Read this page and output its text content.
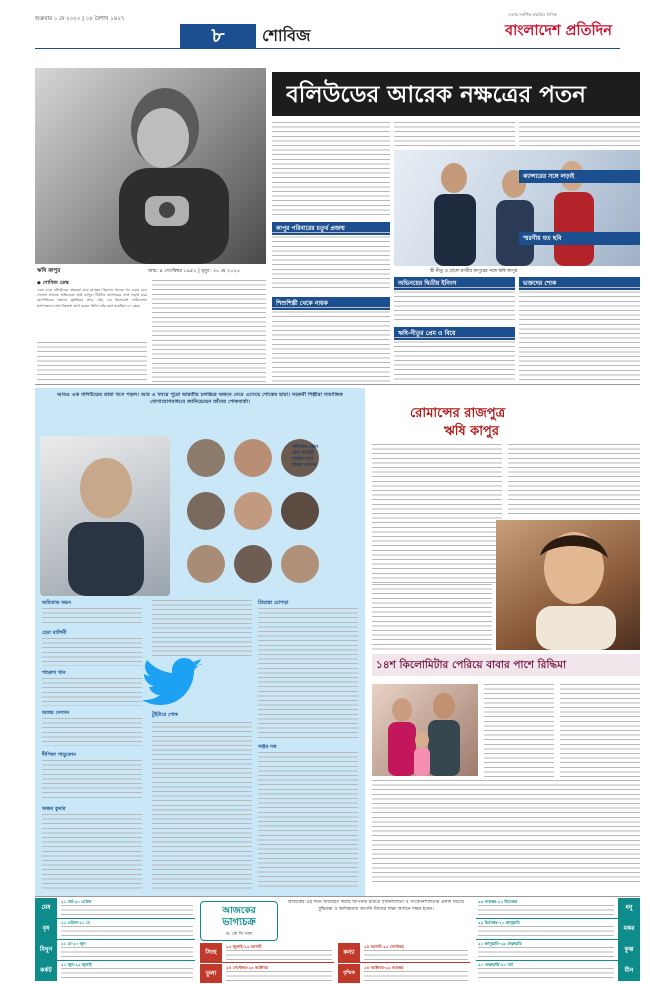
শুক্রবার ১ মে ২০২০ | ১৮ বৈশাখ ১৪২৭
৮	শোবিজ
দেশের সর্বাধিক প্রচারিত দৈনিক
বাংলাদেশ প্রতিদিন
ঋষি কাপুর	জন্ম: ৪ সেপ্টেম্বর ১৯৫২ | মৃত্যু: ৩০ মে ২০২০
বলিউডের আরেক নক্ষত্রের পতন
◆ শোবিজ ডেস্ক
একে একে বলিউডের নক্ষত্ররা ঝরে যাচ্ছেন। ইরফান খানের পর এবার চলে গেলেন প্রখ্যাত অভিনেতা ঋষি কাপুর। দীর্ঘদিন ক্যান্সারের সঙ্গে লড়াই করে বৃহস্পতিবার সকালে মুম্বাইয়ের স্যার এইচ এন রিলায়েন্স ফাউন্ডেশন হাসপাতালে শেষ নিঃশ্বাস ত্যাগ করেন তিনি। তাঁর বয়স হয়েছিল ৬৭ বছর।
কাপুর পরিবারের চতুর্থ প্রজন্ম
শিশুশিল্পী থেকে নায়ক
স্ত্রী নীতু ও ছেলে রণবীর কাপুরের সঙ্গে ঋষি কাপুর
অভিনয়ের দ্বিতীয় ইনিংস
ঋষি-নীতুর প্রেম ও বিয়ে
ক্যান্সারের সঙ্গে লড়াই
স্মরণীয় যত ছবি
ভক্তদের শোক
আরও এক বলিউডের তারা খসে পড়ল। আর এ খবরে পুরো ভারতীয় চলচ্চিত্র অঙ্গনে নেমে এসেছে শোকের ছায়া। সহকর্মী শিল্পীরা সামাজিক যোগাযোগমাধ্যমে জানিয়েছেন তাঁদের শোকবার্তা।
অমিতাভ বচ্চন
হেমা মালিনী
শাহরুখ খান
অজয় দেবগন
অমিতাভ বচ্চন
হেমা মালিনী
শাহরুখ খান
অজয় দেবগন
দীপিকা পাড়ুকোন
অক্ষয় কুমার
টুইটারে শোক
প্রিয়াঙ্কা চোপড়া
সঞ্জয় দত্ত
রোমান্সের রাজপুত্র
ঋষি কাপুর
১৪শ কিলোমিটার পেরিয়ে বাবার পাশে রিদ্ধিমা
মেষ
২১ মার্চ-২০ এপ্রিল
বৃষ
২১ এপ্রিল-২০ মে
মিথুন
২১ মে-২০ জুন
কর্কট
২১ জুন-২২ জুলাই
আজকের
ভাগ্যচক্র
ড. কে সি পাল
আজকের এই দিনে জন্মগ্রহণ করায় আপনার চরিত্রে সৃজনশীলতা ও সংবেদনশীলতার প্রকাশ ঘটবে। বুদ্ধিমত্তা ও কর্মদক্ষতায় আপনি নিজের লক্ষ্য অর্জনে সক্ষম হবেন।
সিংহ
২৩ জুলাই-২৩ আগস্ট
কন্যা
২৪ আগস্ট-২৩ সেপ্টেম্বর
তুলা
২৪ সেপ্টেম্বর-২৩ অক্টোবর
বৃশ্চিক
২৪ অক্টোবর-২২ নভেম্বর
২৩ নভেম্বর-২১ ডিসেম্বর
ধনু
২২ ডিসেম্বর-২০ জানুয়ারি
মকর
২১ জানুয়ারি-১৯ ফেব্রুয়ারি
কুম্ভ
২০ ফেব্রুয়ারি-২০ মার্চ
মীন
